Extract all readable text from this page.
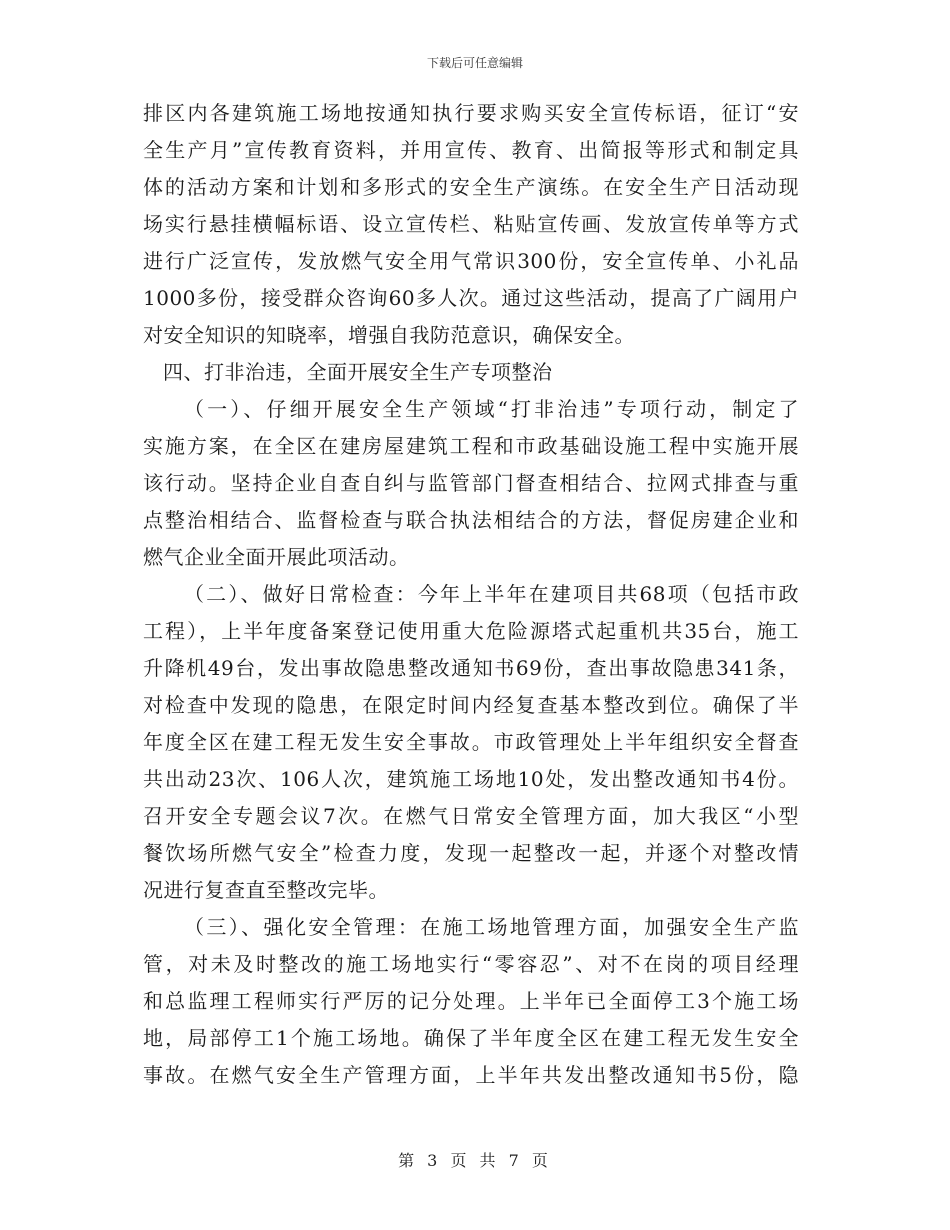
下载后可任意编辑
排区内各建筑施工场地按通知执行要求购买安全宣传标语，征订“安
全生产月”宣传教育资料，并用宣传、教育、出简报等形式和制定具
体的活动方案和计划和多形式的安全生产演练。在安全生产日活动现
场实行悬挂横幅标语、设立宣传栏、粘贴宣传画、发放宣传单等方式
进行广泛宣传，发放燃气安全用气常识300份，安全宣传单、小礼品
1000多份，接受群众咨询60多人次。通过这些活动，提高了广阔用户
对安全知识的知晓率，增强自我防范意识，确保安全。
四、打非治违，全面开展安全生产专项整治
（一）、仔细开展安全生产领域“打非治违”专项行动，制定了
实施方案，在全区在建房屋建筑工程和市政基础设施工程中实施开展
该行动。坚持企业自查自纠与监管部门督查相结合、拉网式排查与重
点整治相结合、监督检查与联合执法相结合的方法，督促房建企业和
燃气企业全面开展此项活动。
（二）、做好日常检查：今年上半年在建项目共68项（包括市政
工程），上半年度备案登记使用重大危险源塔式起重机共35台，施工
升降机49台，发出事故隐患整改通知书69份，查出事故隐患341条，
对检查中发现的隐患，在限定时间内经复查基本整改到位。确保了半
年度全区在建工程无发生安全事故。市政管理处上半年组织安全督查
共出动23次、106人次，建筑施工场地10处，发出整改通知书4份。
召开安全专题会议7次。在燃气日常安全管理方面，加大我区“小型
餐饮场所燃气安全”检查力度，发现一起整改一起，并逐个对整改情
况进行复查直至整改完毕。
（三）、强化安全管理：在施工场地管理方面，加强安全生产监
管，对未及时整改的施工场地实行“零容忍”、对不在岗的项目经理
和总监理工程师实行严厉的记分处理。上半年已全面停工3个施工场
地，局部停工1个施工场地。确保了半年度全区在建工程无发生安全
事故。在燃气安全生产管理方面，上半年共发出整改通知书5份，隐
第 3 页 共 7 页
